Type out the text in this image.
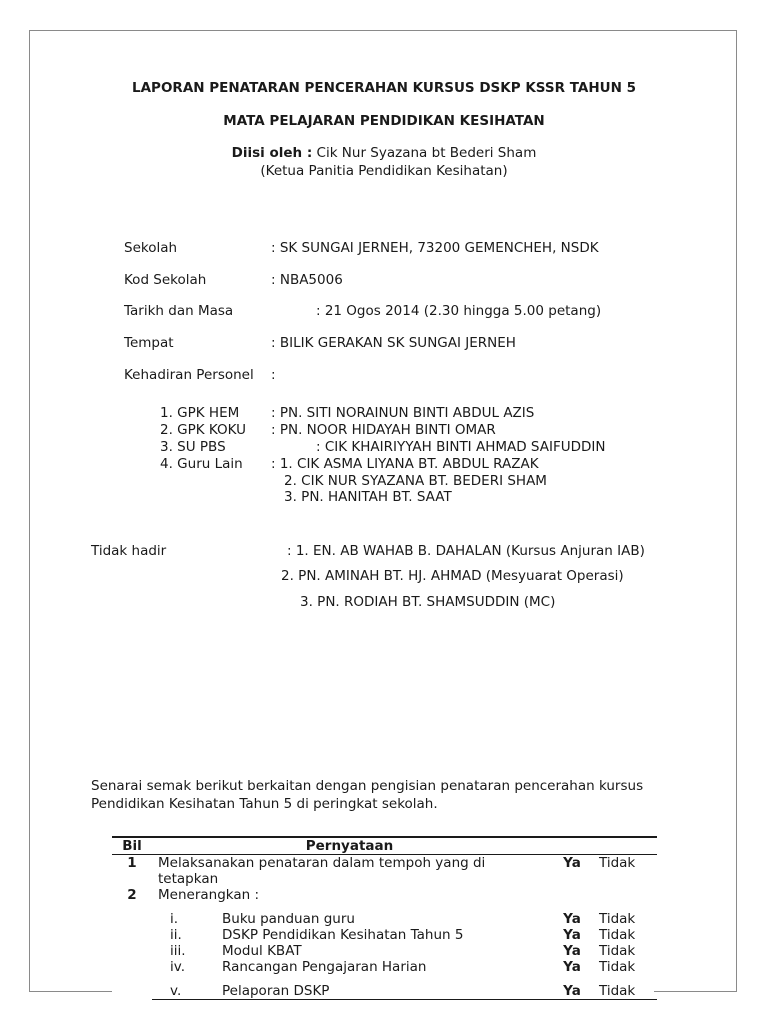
LAPORAN PENATARAN PENCERAHAN KURSUS DSKP KSSR TAHUN 5
MATA PELAJARAN PENDIDIKAN KESIHATAN
Diisi oleh : Cik Nur Syazana bt Bederi Sham
(Ketua Panitia Pendidikan Kesihatan)
Sekolah	: SK SUNGAI JERNEH, 73200 GEMENCHEH, NSDK
Kod Sekolah	: NBA5006
Tarikh dan Masa	: 21 Ogos 2014 (2.30 hingga 5.00 petang)
Tempat	: BILIK GERAKAN SK SUNGAI JERNEH
Kehadiran Personel :
1. GPK HEM : PN. SITI NORAINUN BINTI ABDUL AZIS
2. GPK KOKU : PN. NOOR HIDAYAH BINTI OMAR
3. SU PBS	: CIK KHAIRIYYAH BINTI AHMAD SAIFUDDIN
4. Guru Lain : 1. CIK ASMA LIYANA BT. ABDUL RAZAK
2. CIK NUR SYAZANA BT. BEDERI SHAM
3. PN. HANITAH BT. SAAT
Tidak hadir	: 1. EN. AB WAHAB B. DAHALAN (Kursus Anjuran IAB)
2. PN. AMINAH BT. HJ. AHMAD (Mesyuarat Operasi)
3. PN. RODIAH BT. SHAMSUDDIN (MC)
Senarai semak berikut berkaitan dengan pengisian penataran pencerahan kursus
Pendidikan Kesihatan Tahun 5 di peringkat sekolah.
Bil	Pernyataan		
1	Melaksanakan penataran dalam tempoh yang di
tetapkan	Ya	Tidak
2	Menerangkan :		
	i. Buku panduan guru	Ya	Tidak
	ii. DSKP Pendidikan Kesihatan Tahun 5	Ya	Tidak
	iii. Modul KBAT	Ya	Tidak
	iv. Rancangan Pengajaran Harian	Ya	Tidak
	v. Pelaporan DSKP	Ya	Tidak
